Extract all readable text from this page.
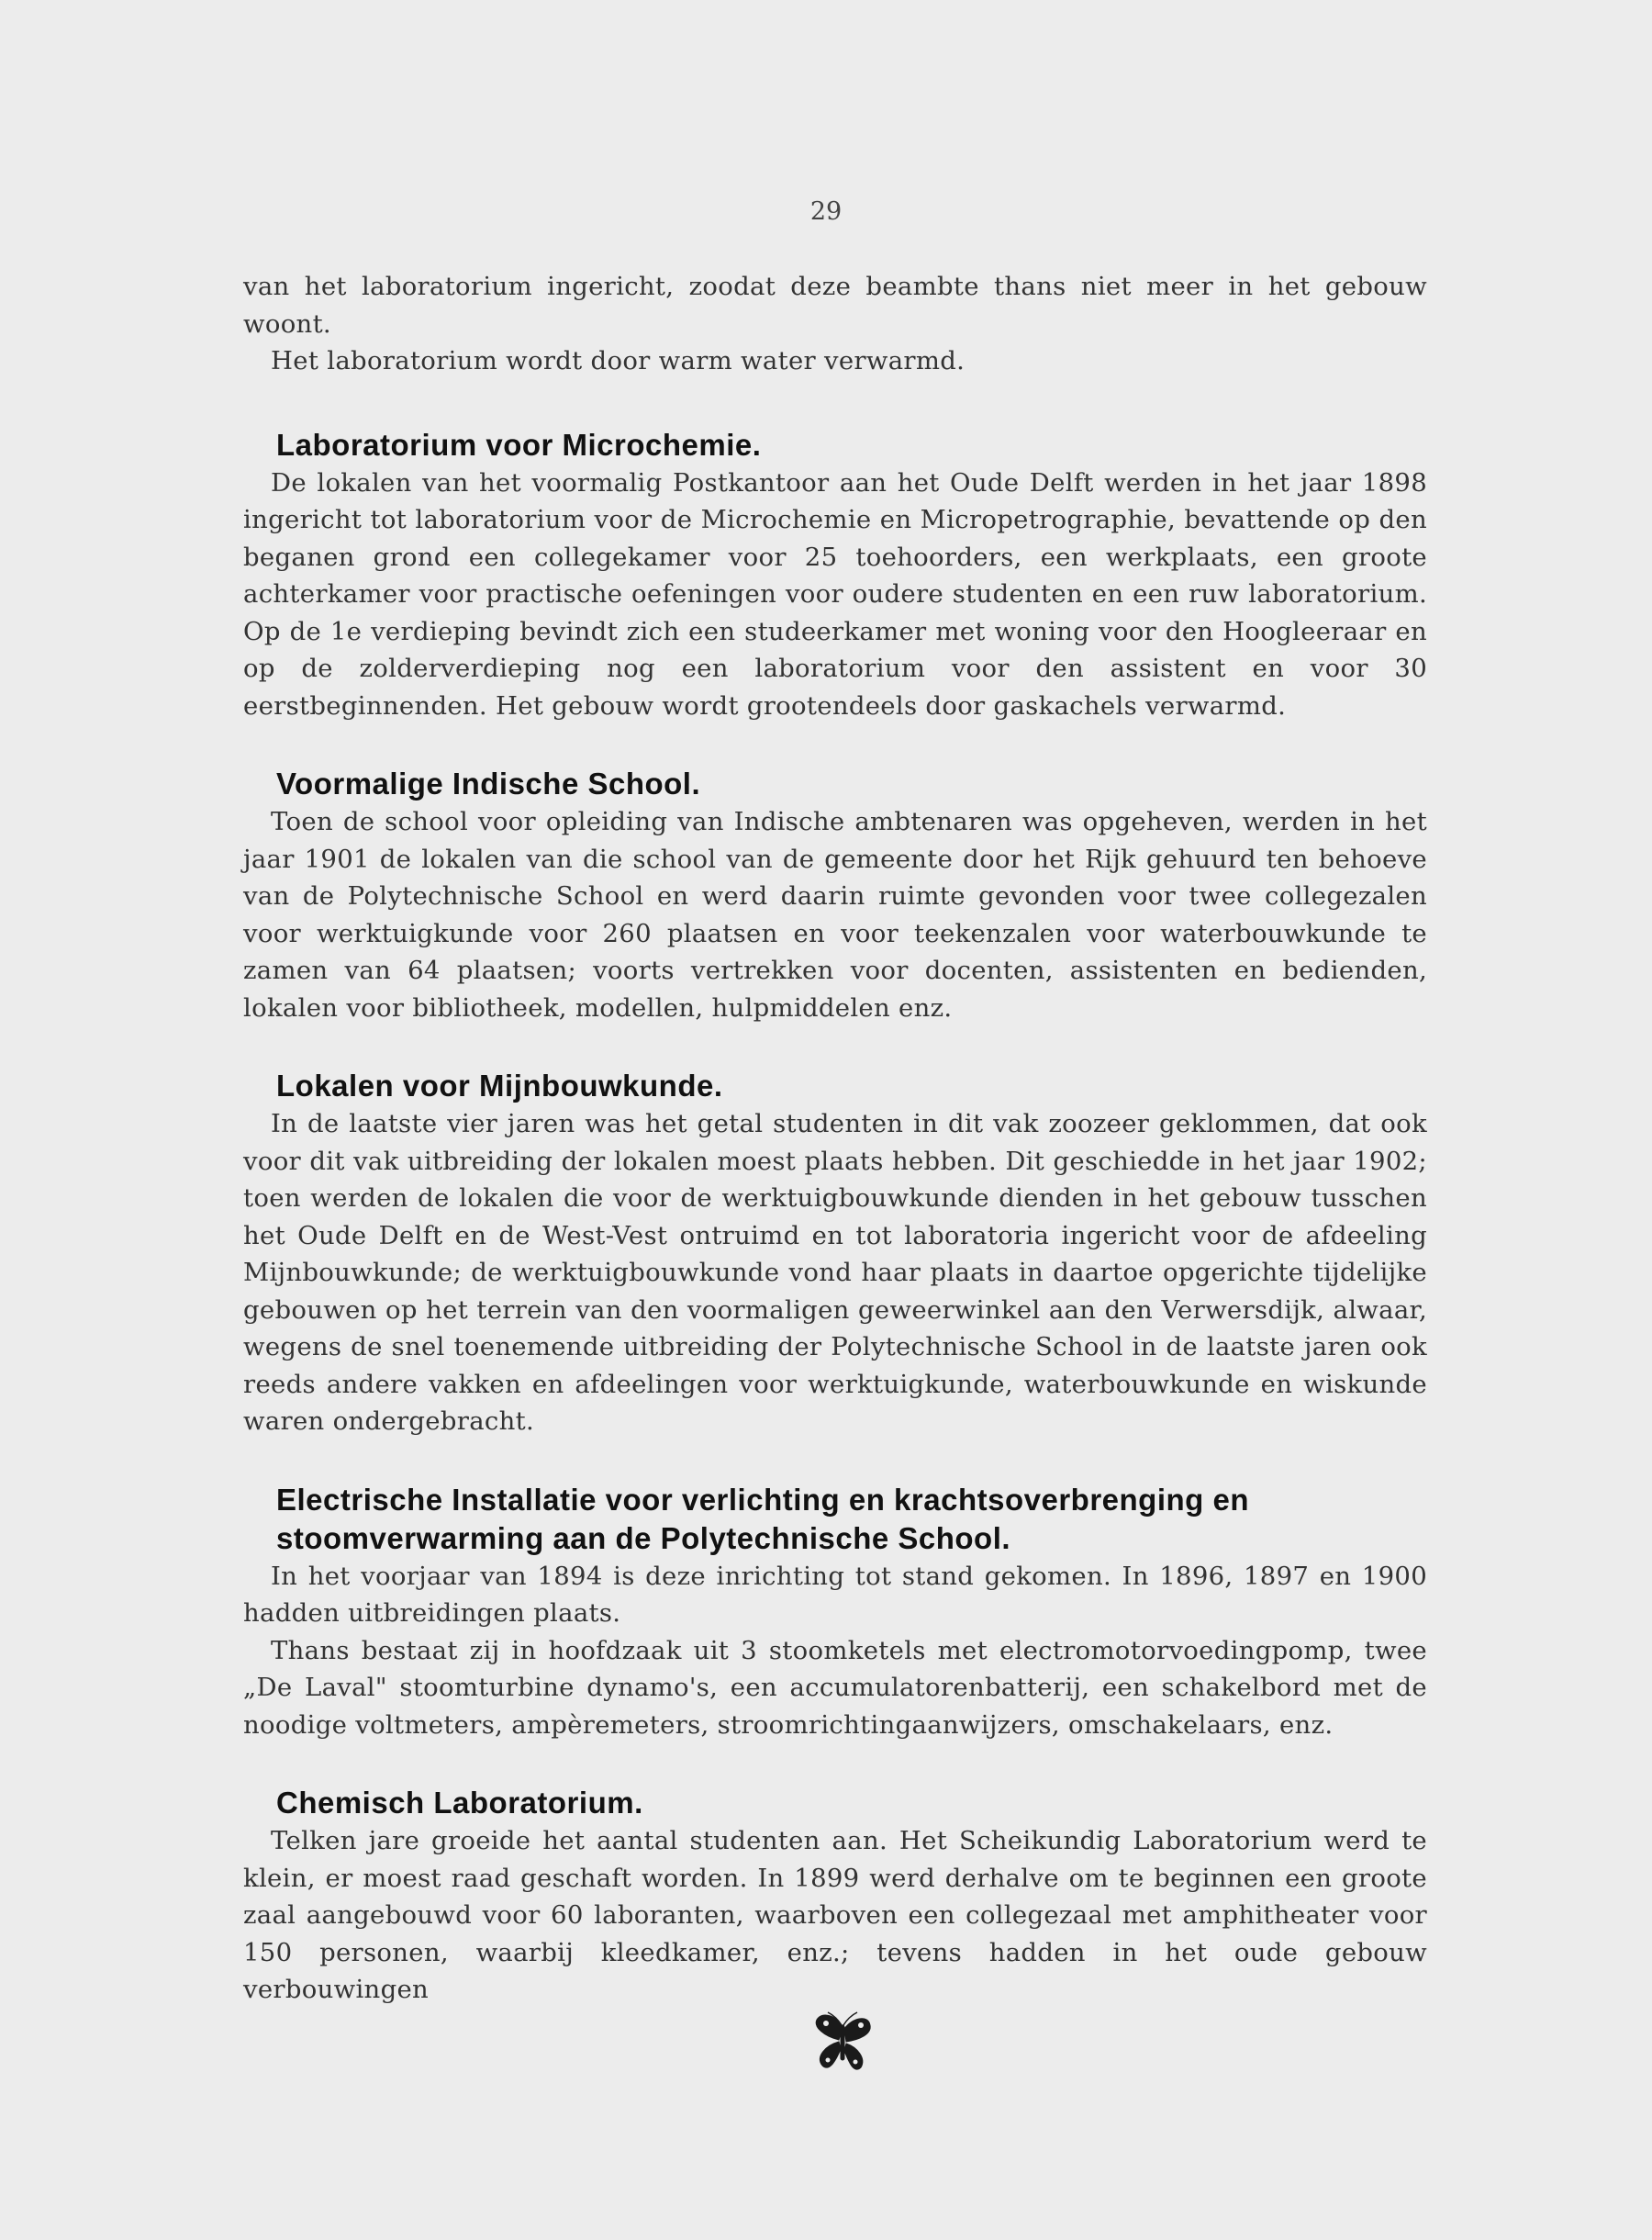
29

van het laboratorium ingericht, zoodat deze beambte thans niet meer in het gebouw woont.

Het laboratorium wordt door warm water verwarmd.

Laboratorium voor Microchemie.

De lokalen van het voormalig Postkantoor aan het Oude Delft werden in het jaar 1898 ingericht tot laboratorium voor de Microchemie en Micropetrographie, bevattende op den beganen grond een collegekamer voor 25 toehoorders, een werkplaats, een groote achterkamer voor practische oefeningen voor oudere studenten en een ruw laboratorium. Op de 1e verdieping bevindt zich een studeerkamer met woning voor den Hoogleeraar en op de zolderverdieping nog een laboratorium voor den assistent en voor 30 eerstbeginnenden. Het gebouw wordt grootendeels door gaskachels verwarmd.

Voormalige Indische School.

Toen de school voor opleiding van Indische ambtenaren was opgeheven, werden in het jaar 1901 de lokalen van die school van de gemeente door het Rijk gehuurd ten behoeve van de Polytechnische School en werd daarin ruimte gevonden voor twee collegezalen voor werktuigkunde voor 260 plaatsen en voor teekenzalen voor waterbouwkunde te zamen van 64 plaatsen; voorts vertrekken voor docenten, assistenten en bedienden, lokalen voor bibliotheek, modellen, hulpmiddelen enz.

Lokalen voor Mijnbouwkunde.

In de laatste vier jaren was het getal studenten in dit vak zoozeer geklommen, dat ook voor dit vak uitbreiding der lokalen moest plaats hebben. Dit geschiedde in het jaar 1902; toen werden de lokalen die voor de werktuigbouwkunde dienden in het gebouw tusschen het Oude Delft en de West-Vest ontruimd en tot laboratoria ingericht voor de afdeeling Mijnbouwkunde; de werktuigbouwkunde vond haar plaats in daartoe opgerichte tijdelijke gebouwen op het terrein van den voormaligen geweerwinkel aan den Verwersdijk, alwaar, wegens de snel toenemende uitbreiding der Polytechnische School in de laatste jaren ook reeds andere vakken en afdeelingen voor werktuigkunde, waterbouwkunde en wiskunde waren ondergebracht.

Electrische Installatie voor verlichting en krachtsoverbrenging en stoomverwarming aan de Polytechnische School.

In het voorjaar van 1894 is deze inrichting tot stand gekomen. In 1896, 1897 en 1900 hadden uitbreidingen plaats.

Thans bestaat zij in hoofdzaak uit 3 stoomketels met electromotorvoedingpomp, twee „De Laval" stoomturbine dynamo's, een accumulatorenbatterij, een schakelbord met de noodige voltmeters, ampèremeters, stroomrichtingaanwijzers, omschakelaars, enz.

Chemisch Laboratorium.

Telken jare groeide het aantal studenten aan. Het Scheikundig Laboratorium werd te klein, er moest raad geschaft worden. In 1899 werd derhalve om te beginnen een groote zaal aangebouwd voor 60 laboranten, waarboven een collegezaal met amphitheater voor 150 personen, waarbij kleedkamer, enz.; tevens hadden in het oude gebouw verbouwingen
